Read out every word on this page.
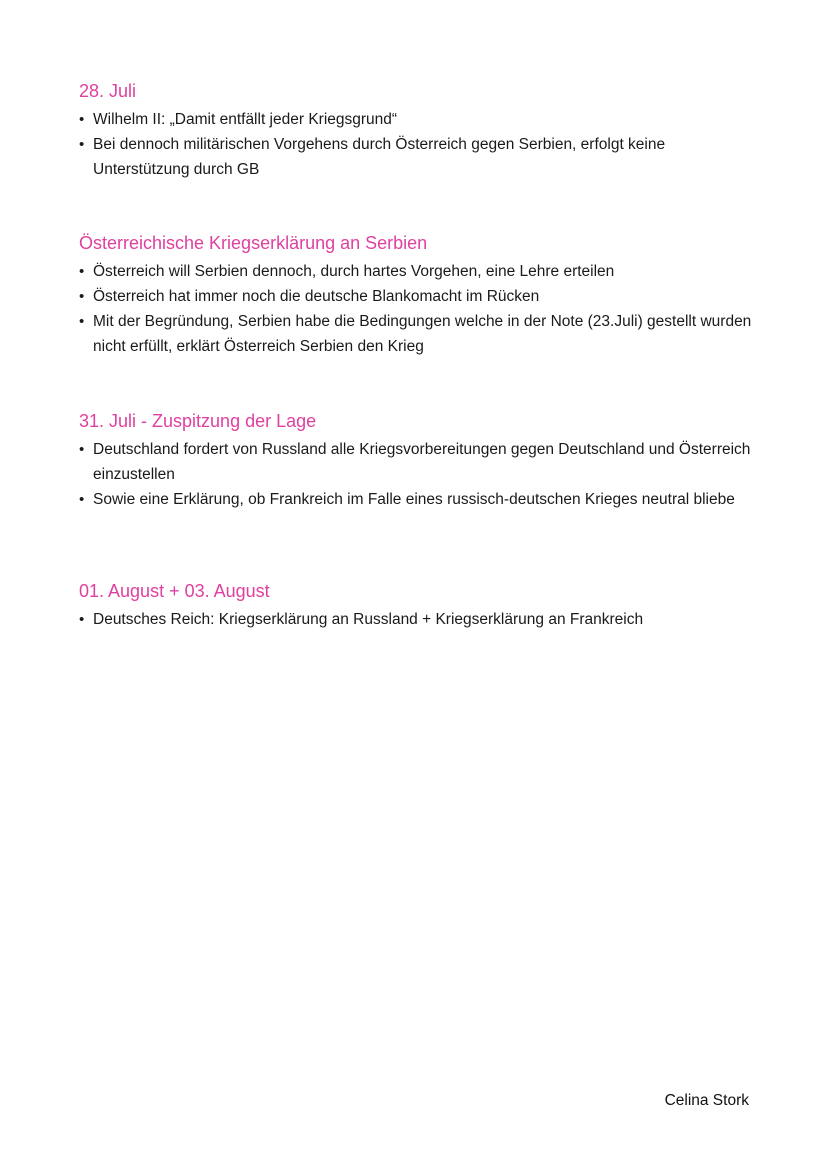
28. Juli
• Wilhelm II: „Damit entfällt jeder Kriegsgrund“
• Bei dennoch militärischen Vorgehens durch Österreich gegen Serbien, erfolgt keine Unterstützung durch GB
Österreichische Kriegserklärung an Serbien
• Österreich will Serbien dennoch, durch hartes Vorgehen, eine Lehre erteilen
• Österreich hat immer noch die deutsche Blankomacht im Rücken
• Mit der Begründung, Serbien habe die Bedingungen welche in der Note (23.Juli) gestellt wurden nicht erfüllt, erklärt Österreich Serbien den Krieg
31. Juli - Zuspitzung der Lage
• Deutschland fordert von Russland alle Kriegsvorbereitungen gegen Deutschland und Österreich einzustellen
• Sowie eine Erklärung, ob Frankreich im Falle eines russisch-deutschen Krieges neutral bliebe
01. August + 03. August
• Deutsches Reich: Kriegserklärung an Russland + Kriegserklärung an Frankreich
Celina Stork
